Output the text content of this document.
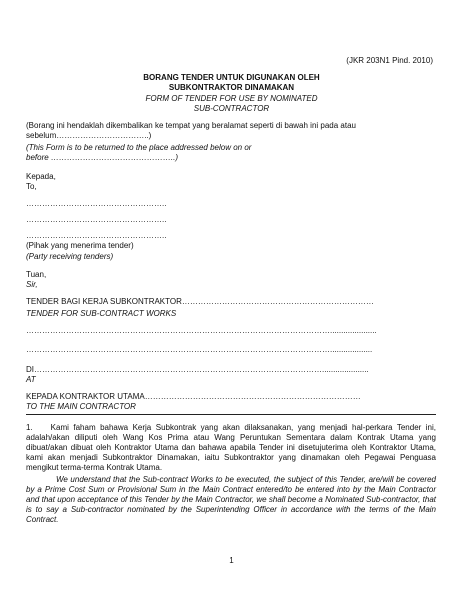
(JKR 203N1 Pind. 2010)
BORANG TENDER UNTUK DIGUNAKAN OLEH
SUBKONTRAKTOR DINAMAKAN
FORM OF TENDER FOR USE BY NOMINATED
SUB-CONTRACTOR
(Borang ini hendaklah dikembalikan ke tempat yang beralamat seperti di bawah ini pada atau
sebelum……………………………..)
(This Form is to be returned to the place addressed below on or
before ………………………………………..)
Kepada,
To,
……………………………………………..
……………………………………………..
……………………………………………..
(Pihak yang menerima tender)
(Party receiving tenders)
Tuan,
Sir,
TENDER BAGI KERJA SUBKONTRAKTOR………………………………………………………………
TENDER FOR SUB-CONTRACT WORKS
…………………………………………………………………………………………………….....................
……………………………………………………………………………………………………...................
DI……………………………………………………………………………………………….....................
AT
KEPADA KONTRAKTOR UTAMA………………………………………………………………………
TO THE MAIN CONTRACTOR
1. Kami faham bahawa Kerja Subkontrak yang akan dilaksanakan, yang menjadi hal-perkara Tender ini, adalah/akan diliputi oleh Wang Kos Prima atau Wang Peruntukan Sementara dalam Kontrak Utama yang dibuat/akan dibuat oleh Kontraktor Utama dan bahawa apabila Tender ini disetujuterima oleh Kontraktor Utama, kami akan menjadi Subkontraktor Dinamakan, iaitu Subkontraktor yang dinamakan oleh Pegawai Penguasa mengikut terma-terma Kontrak Utama.
We understand that the Sub-contract Works to be executed, the subject of this Tender, are/will be covered by a Prime Cost Sum or Provisional Sum in the Main Contract entered/to be entered into by the Main Contractor and that upon acceptance of this Tender by the Main Contractor, we shall become a Nominated Sub-contractor, that is to say a Sub-contractor nominated by the Superintending Officer in accordance with the terms of the Main Contract.
1
